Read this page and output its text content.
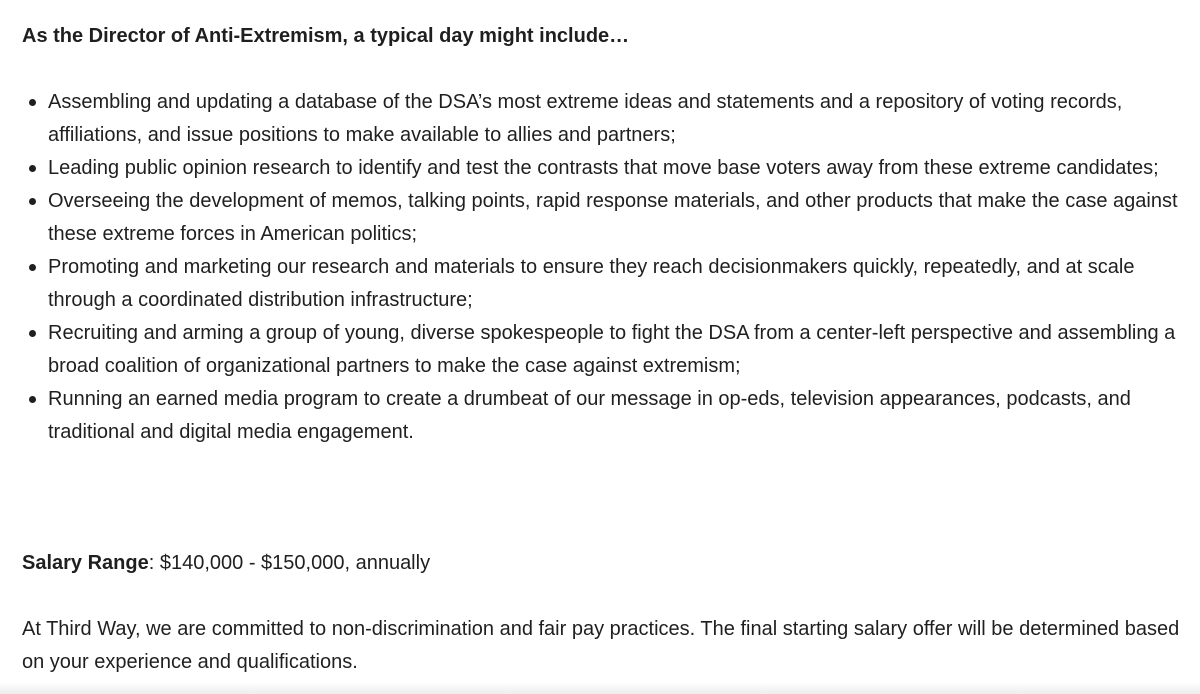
As the Director of Anti-Extremism, a typical day might include…

Assembling and updating a database of the DSA’s most extreme ideas and statements and a repository of voting records, affiliations, and issue positions to make available to allies and partners;
Leading public opinion research to identify and test the contrasts that move base voters away from these extreme candidates;
Overseeing the development of memos, talking points, rapid response materials, and other products that make the case against these extreme forces in American politics;
Promoting and marketing our research and materials to ensure they reach decisionmakers quickly, repeatedly, and at scale through a coordinated distribution infrastructure;
Recruiting and arming a group of young, diverse spokespeople to fight the DSA from a center-left perspective and assembling a broad coalition of organizational partners to make the case against extremism;
Running an earned media program to create a drumbeat of our message in op-eds, television appearances, podcasts, and traditional and digital media engagement.

Salary Range: $140,000 - $150,000, annually

At Third Way, we are committed to non-discrimination and fair pay practices. The final starting salary offer will be determined based on your experience and qualifications.
